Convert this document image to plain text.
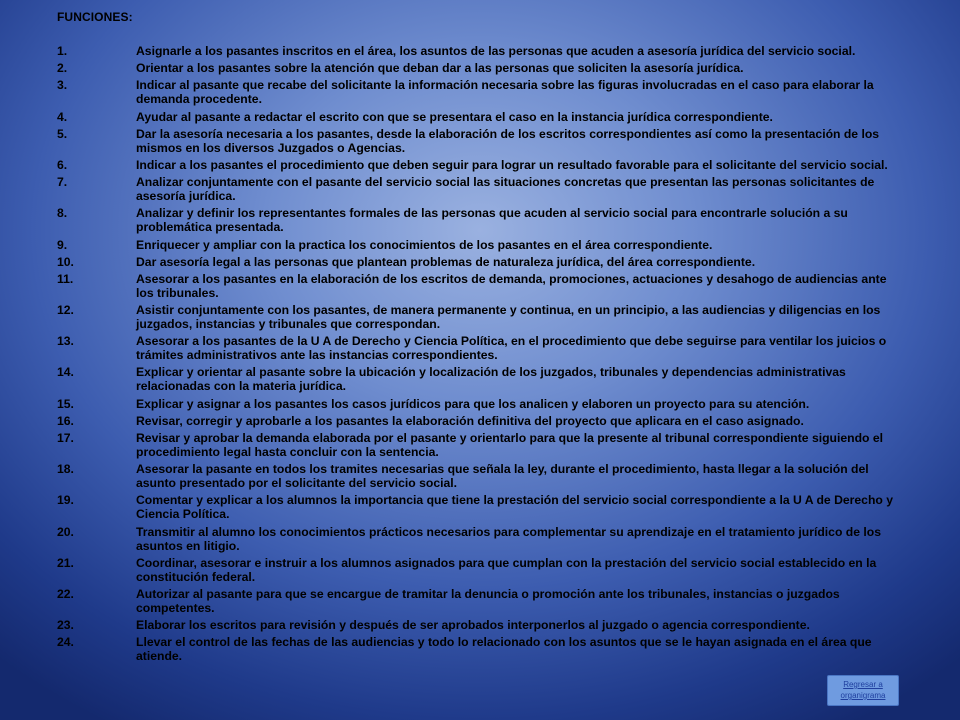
FUNCIONES:
1.	Asignarle a los pasantes inscritos en el área, los asuntos de las personas que acuden a asesoría jurídica del servicio social.
2.	Orientar a los pasantes sobre la atención que deban dar a las personas que soliciten la asesoría jurídica.
3.	Indicar al pasante que recabe del solicitante la información necesaria sobre las figuras involucradas en el caso para elaborar la demanda procedente.
4.	Ayudar al pasante a redactar el escrito con que se presentara el caso en la instancia jurídica correspondiente.
5.	Dar la asesoría necesaria a los pasantes, desde la elaboración de los escritos correspondientes así como la presentación de los mismos en los diversos Juzgados o Agencias.
6.	Indicar a los pasantes el procedimiento que deben seguir para lograr un resultado favorable para el solicitante del servicio social.
7.	Analizar conjuntamente con el pasante del servicio social las situaciones concretas que presentan las personas solicitantes de asesoría jurídica.
8.	Analizar y definir los representantes formales de las personas que acuden al servicio social para encontrarle solución a su problemática presentada.
9.	Enriquecer y ampliar con la practica los conocimientos de los pasantes en el área correspondiente.
10.	Dar asesoría legal a las personas que plantean problemas de naturaleza jurídica, del área correspondiente.
11.	Asesorar a los pasantes en la elaboración de los escritos de demanda, promociones, actuaciones y desahogo de audiencias ante los tribunales.
12.	Asistir conjuntamente con los pasantes, de manera permanente y continua, en un principio, a las audiencias y diligencias en los juzgados, instancias y tribunales que correspondan.
13.	Asesorar a los pasantes de la U A de Derecho y Ciencia Política, en el procedimiento que debe seguirse para ventilar los juicios o trámites administrativos ante las instancias correspondientes.
14.	Explicar y orientar al pasante sobre la ubicación y localización de los juzgados, tribunales y dependencias administrativas relacionadas con la materia jurídica.
15.	Explicar y asignar a los pasantes los casos jurídicos para que los analicen y elaboren un proyecto para su atención.
16.	Revisar, corregir y aprobarle a los pasantes la elaboración definitiva del proyecto que aplicara en el caso asignado.
17.	Revisar y aprobar la demanda elaborada por el pasante y orientarlo para que la presente al tribunal correspondiente siguiendo el procedimiento legal hasta concluir con la sentencia.
18.	Asesorar la pasante en todos los tramites necesarias que señala la ley, durante el procedimiento, hasta llegar a la solución del asunto presentado por el solicitante del servicio social.
19.	Comentar y explicar a los alumnos la importancia que tiene la prestación del servicio social correspondiente a la U A de Derecho y Ciencia Política.
20.	Transmitir al alumno los conocimientos prácticos necesarios para complementar su aprendizaje en el tratamiento jurídico de los asuntos en litigio.
21.	Coordinar, asesorar e instruir a los alumnos asignados para que cumplan con la prestación del servicio social establecido en la constitución federal.
22.	Autorizar al pasante para que se encargue de tramitar la denuncia o promoción ante los tribunales, instancias o juzgados competentes.
23.	Elaborar los escritos para revisión y después de ser aprobados interponerlos al juzgado o agencia correspondiente.
24.	Llevar el control de las fechas de las audiencias y todo lo relacionado con los asuntos que se le hayan asignada en el área que atiende.
Regresar a organigrama
